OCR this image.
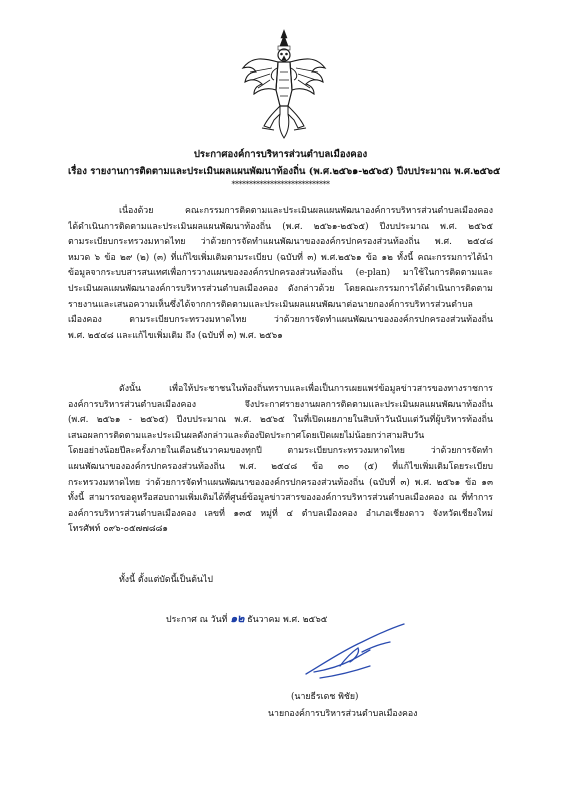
ประกาศองค์การบริหารส่วนตำบลเมืองคอง
เรื่อง รายงานการติดตามและประเมินผลแผนพัฒนาท้องถิ่น (พ.ศ.๒๕๖๑-๒๕๖๕) ปีงบประมาณ พ.ศ.๒๕๖๕
****************************
เนื่องด้วย คณะกรรมการติดตามและประเมินผลแผนพัฒนาองค์การบริหารส่วนตำบลเมืองคอง
ได้ดำเนินการติดตามและประเมินผลแผนพัฒนาท้องถิ่น (พ.ศ. ๒๕๖๑-๒๕๖๕) ปีงบประมาณ พ.ศ. ๒๕๖๕
ตามระเบียบกระทรวงมหาดไทย ว่าด้วยการจัดทำแผนพัฒนาขององค์กรปกครองส่วนท้องถิ่น พ.ศ. ๒๕๔๘
หมวด ๖ ข้อ ๒๙ (๒) (๓) ที่แก้ไขเพิ่มเติมตามระเบียบ (ฉบับที่ ๓) พ.ศ.๒๕๖๑ ข้อ ๑๒ ทั้งนี้ คณะกรรมการได้นำ
ข้อมูลจากระบบสารสนเทศเพื่อการวางแผนขององค์กรปกครองส่วนท้องถิ่น (e-plan) มาใช้ในการติดตามและ
ประเมินผลแผนพัฒนาองค์การบริหารส่วนตำบลเมืองคอง ดังกล่าวด้วย โดยคณะกรรมการได้ดำเนินการติดตาม
รายงานและเสนอความเห็นซึ่งได้จากการติดตามและประเมินผลแผนพัฒนาต่อนายกองค์การบริหารส่วนตำบล
เมืองคอง ตามระเบียบกระทรวงมหาดไทย ว่าด้วยการจัดทำแผนพัฒนาขององค์กรปกครองส่วนท้องถิ่น
พ.ศ. ๒๕๔๘ และแก้ไขเพิ่มเติม ถึง (ฉบับที่ ๓) พ.ศ. ๒๕๖๑
ดังนั้น เพื่อให้ประชาชนในท้องถิ่นทราบและเพื่อเป็นการเผยแพร่ข้อมูลข่าวสารของทางราชการ
องค์การบริหารส่วนตำบลเมืองคอง จึงประกาศรายงานผลการติดตามและประเมินผลแผนพัฒนาท้องถิ่น
(พ.ศ. ๒๕๖๑ - ๒๕๖๕) ปีงบประมาณ พ.ศ. ๒๕๖๕ ในที่เปิดเผยภายในสิบห้าวันนับแต่วันที่ผู้บริหารท้องถิ่น
เสนอผลการติดตามและประเมินผลดังกล่าวและต้องปิดประกาศโดยเปิดเผยไม่น้อยกว่าสามสิบวัน
โดยอย่างน้อยปีละครั้งภายในเดือนธันวาคมของทุกปี ตามระเบียบกระทรวงมหาดไทย ว่าด้วยการจัดทำ
แผนพัฒนาขององค์กรปกครองส่วนท้องถิ่น พ.ศ. ๒๕๔๘ ข้อ ๓๐ (๕) ที่แก้ไขเพิ่มเติมโดยระเบียบ
กระทรวงมหาดไทย ว่าด้วยการจัดทำแผนพัฒนาขององค์กรปกครองส่วนท้องถิ่น (ฉบับที่ ๓) พ.ศ. ๒๕๖๑ ข้อ ๑๓
ทั้งนี้ สามารถขอดูหรือสอบถามเพิ่มเติมได้ที่ศูนย์ข้อมูลข่าวสารขององค์การบริหารส่วนตำบลเมืองคอง ณ ที่ทำการ
องค์การบริหารส่วนตำบลเมืองคอง เลขที่ ๑๓๕ หมู่ที่ ๔ ตำบลเมืองคอง อำเภอเชียงดาว จังหวัดเชียงใหม่
โทรศัพท์ ๐๙๖-๐๕๗๗๘๘๑
ทั้งนี้ ตั้งแต่บัดนี้เป็นต้นไป
ประกาศ ณ วันที่ ๑๒ ธันวาคม พ.ศ. ๒๕๖๕
(นายธีรเดช พิชัย)
นายกองค์การบริหารส่วนตำบลเมืองคอง
